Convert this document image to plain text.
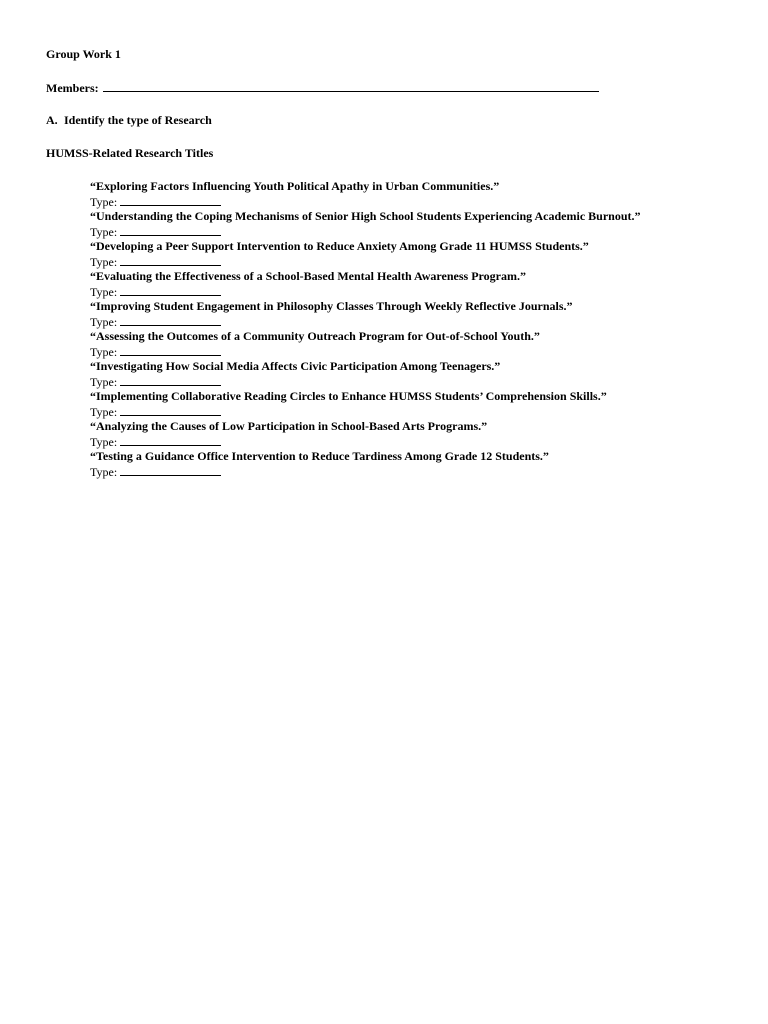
Group Work 1
Members:
A. Identify the type of Research
HUMSS-Related Research Titles
“Exploring Factors Influencing Youth Political Apathy in Urban Communities.”
Type:
“Understanding the Coping Mechanisms of Senior High School Students Experiencing Academic Burnout.”
Type:
“Developing a Peer Support Intervention to Reduce Anxiety Among Grade 11 HUMSS Students.”
Type:
“Evaluating the Effectiveness of a School-Based Mental Health Awareness Program.”
Type:
“Improving Student Engagement in Philosophy Classes Through Weekly Reflective Journals.”
Type:
“Assessing the Outcomes of a Community Outreach Program for Out-of-School Youth.”
Type:
“Investigating How Social Media Affects Civic Participation Among Teenagers.”
Type:
“Implementing Collaborative Reading Circles to Enhance HUMSS Students’ Comprehension Skills.”
Type:
“Analyzing the Causes of Low Participation in School-Based Arts Programs.”
Type:
“Testing a Guidance Office Intervention to Reduce Tardiness Among Grade 12 Students.”
Type:
